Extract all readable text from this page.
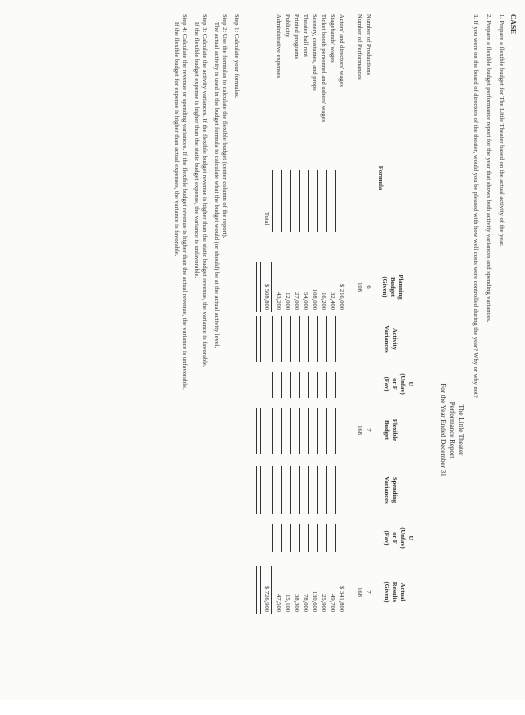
CASE
1. Prepare a flexible budget for The Little Theater based on the actual activity of the year.
2. Prepare a flexible budget performance report for the year that shows both activity variances and spending variances.
3. If you were on the board of directors of the theater, would you be pleased with how well costs were controlled during the year? Why or why not?
The Little Theater
Performance Report
For the Year Ended December 31
Formula
Planning
Budget
(Given)
Activity
Variances
U
(Unfav)
or F
(Fav)
Flexible
Budget
Spending
Variances
U
(Unfav)
or F
(Fav)
Actual
Results
(Given)
Number of Productions
6
7
7
Number of Performances
108
168
168
Actors' and directors' wages
$ 216,000
$ 341,800
Stagehands' wages
32,400
49,700
Ticket booth personnel and ushers' wages
16,200
25,900
Scenery, costumes, and props
108,000
130,600
Theater hall rent
54,000
78,000
Printed programs
27,000
38,300
Publicity
12,000
15,100
Administrative expenses
43,200
47,500
Total
$ 508,800
$ 726,900
Step 1: Calculate your formulas.
Step 2: Use the formulas to calculate the flexible budget (center column of the report).
The actual activity is used in the budget formula to calculate what the budget would (or should) be at the actual activity level.
Step 3: Calculate the activity variances. If the flexible budget revenue is higher than the static budget revenue, the variance is favorable.
If the flexible budget expense is higher than the static budget expense, the variance is unfavorable.
Step 4: Calculate the revenue or spending variances. If the flexible budget revenue is higher than the actual revenue, the variance is unfavorable.
If the flexible budget for expense is higher than actual expenses, the variance is favorable.
